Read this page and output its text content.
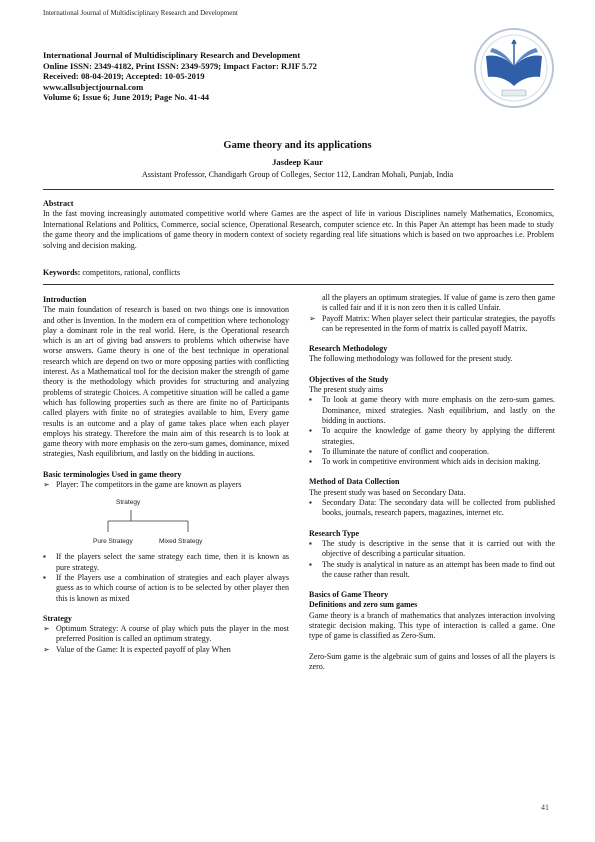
International Journal of Multidisciplinary Research and Development
International Journal of Multidisciplinary Research and Development
Online ISSN: 2349-4182, Print ISSN: 2349-5979; Impact Factor: RJIF 5.72
Received: 08-04-2019; Accepted: 10-05-2019
www.allsubjectjournal.com
Volume 6; Issue 6; June 2019; Page No. 41-44
Game theory and its applications
Jasdeep Kaur
Assistant Professor, Chandigarh Group of Colleges, Sector 112, Landran Mohali, Punjab, India
Abstract
In the fast moving increasingly automated competitive world where Games are the aspect of life in various Disciplines namely Mathematics, Economics, International Relations and Politics, Commerce, social science, Operational Research, computer science etc. In this Paper An attempt has been made to study the game theory and the implications of game theory in modern context of society regarding real life situations which is based on two approaches i.e. Problem solving and decision making.
Keywords: competitors, rational, conflicts
Introduction
The main foundation of research is based on two things one is innovation and other is Invention. In the modern era of competition where techonology play a dominant role in the real world. Here, is the Operational research which is an art of giving bad answers to problems which otherwise have worse answers. Game theory is one of the best technique in operational research which are depend on two or more opposing parties with conflicting interest. As a Mathematical tool for the decision maker the strength of game theory is the methodology which provides for structuring and analyzing problems of strategic Choices. A competitive situation will be called a game which has following properties such as there are finite no of Participants called players with finite no of strategies available to him, Every game results is an outcome and a play of game takes place when each player employs his strategy. Therefore the main aim of this research is to look at game theory with more emphasis on the zero-sum games, dominance, mixed strategies, Nash equilibrium, and lastly on the bidding in auctions.
Basic terminologies Used in game theory
➢ Player: The competitors in the game are known as players
Strategy
Pure Strategy	Mixed Strategy
▪ If the players select the same strategy each time, then it is known as pure strategy.
▪ If the Players use a combination of strategies and each player always guess as to which course of action is to be selected by other player then this is known as mixed
Strategy
➢ Optimum Strategy: A course of play which puts the player in the most preferred Position is called an optimum strategy.
➢ Value of the Game: It is expected payoff of play When
all the players an optimum strategies. If value of game is zero then game is called fair and if it is non zero then it is called Unfair.
➢ Payoff Matrix: When player select their particular strategies, the payoffs can be represented in the form of matrix is called payoff Matrix.
Research Methodology
The following methodology was followed for the present study.
Objectives of the Study
The present study aims
▪ To look at game theory with more emphasis on the zero-sum games. Dominance, mixed strategies. Nash equilibrium, and lastly on the bidding in auctions.
▪ To acquire the knowledge of game theory by applying the different strategies.
▪ To illuminate the nature of conflict and cooperation.
▪ To work in competitive environment which aids in decision making.
Method of Data Collection
The present study was based on Secondary Data.
▪ Secondary Data: The secondary data will be collected from published books, journals, research papers, magazines, internet etc.
Research Type
▪ The study is descriptive in the sense that it is carried out with the objective of describing a particular situation.
▪ The study is analytical in nature as an attempt has been made to find out the cause rather than result.
Basics of Game Theory
Definitions and zero sum games
Game theory is a branch of mathematics that analyzes interaction involving strategic decision making. This type of interaction is called a game. One type of game is classified as Zero-Sum.
Zero-Sum game is the algebraic sum of gains and losses of all the players is zero.
41
